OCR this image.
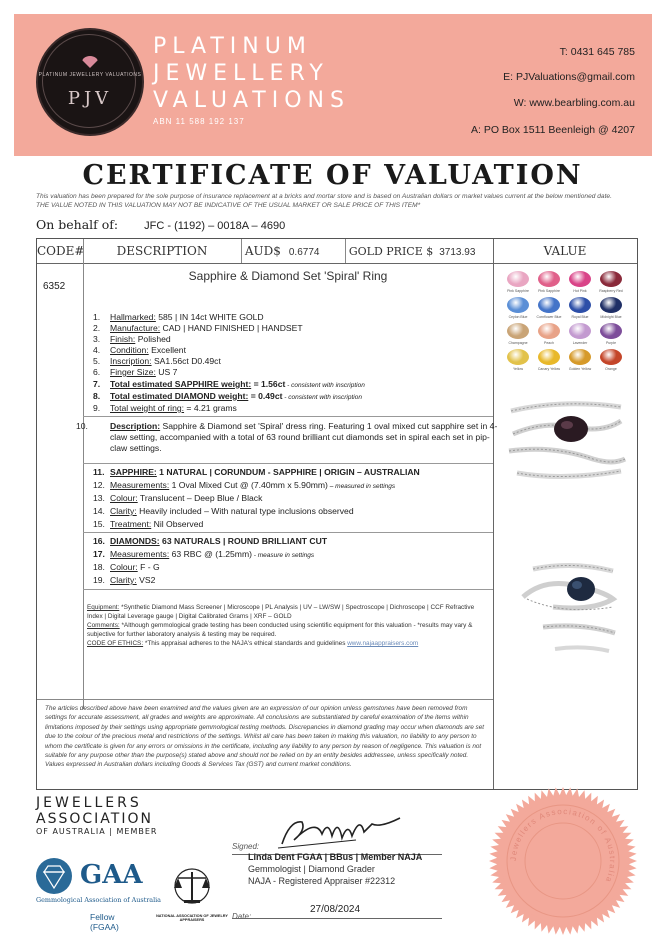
PLATINUM JEWELLERY VALUATIONS
PJV
PLATINUM
JEWELLERY
VALUATIONS
ABN 11 588 192 137
T: 0431 645 785
E: PJValuations@gmail.com
W: www.bearbling.com.au
A: PO Box 1511 Beenleigh @ 4207
CERTIFICATE OF VALUATION
This valuation has been prepared for the sole purpose of insurance replacement at a bricks and mortar store and is based on Australian dollars or market values current at the below mentioned date.
THE VALUE NOTED IN THIS VALUATION MAY NOT BE INDICATIVE OF THE USUAL MARKET OR SALE PRICE OF THIS ITEM*
On behalf of: JFC - (1192) – 0018A – 4690
CODE#	DESCRIPTION	AUD$ 0.6774	GOLD PRICE $ 3713.93	VALUE
6352
Sapphire & Diamond Set 'Spiral' Ring
1. Hallmarked: 585 | IN 14ct WHITE GOLD
2. Manufacture: CAD | HAND FINISHED | HANDSET
3. Finish: Polished
4. Condition: Excellent
5. Inscription: SA1.56ct D0.49ct
6. Finger Size: US 7
7. Total estimated SAPPHIRE weight: = 1.56ct - consistent with inscription
8. Total estimated DIAMOND weight: = 0.49ct - consistent with inscription
9. Total weight of ring: = 4.21 grams
10.	Description: Sapphire & Diamond set 'Spiral' dress ring. Featuring 1 oval mixed cut sapphire set in 4-claw setting, accompanied with a total of 63 round brilliant cut diamonds set in spiral each set in pip-claw settings.
11. SAPPHIRE: 1 NATURAL | CORUNDUM - SAPPHIRE | ORIGIN – AUSTRALIAN
12. Measurements: 1 Oval Mixed Cut @ (7.40mm x 5.90mm) – measured in settings
13. Colour: Translucent – Deep Blue / Black
14. Clarity: Heavily included – With natural type inclusions observed
15. Treatment: Nil Observed
16. DIAMONDS: 63 NATURALS | ROUND BRILLIANT CUT
17. Measurements: 63 RBC @ (1.25mm) - measure in settings
18. Colour: F - G
19. Clarity: VS2
Equipment: *Synthetic Diamond Mass Screener | Microscope | PL Analysis | UV – LW/SW | Spectroscope | Dichroscope | CCF Refractive Index | Digital Leverage gauge | Digital Calibrated Grams | XRF – GOLD
Comments: *Although gemmological grade testing has been conducted using scientific equipment for this valuation - *results may vary & subjective for further laboratory analysis & testing may be required.
CODE OF ETHICS: *This appraisal adheres to the NAJA's ethical standards and guidelines www.najaappraisers.com
The articles described above have been examined and the values given are an expression of our opinion unless gemstones have been removed from settings for accurate assessment, all grades and weights are approximate. All conclusions are substantiated by careful examination of the items within limitations imposed by their settings using appropriate gemmological testing methods. Discrepancies in diamond grading may occur when diamonds are set due to the colour of the precious metal and restrictions of the settings. Whilst all care has been taken in making this valuation, no liability to any person to whom the certificate is given for any errors or omissions in the certificate, including any liability to any person by reason of negligence. This valuation is not suitable for any purpose other than the purpose(s) stated above and should not be relied on by an entity besides addressee, unless specifically noted. Values expressed in Australian dollars including Goods & Services Tax (GST) and current market conditions.
Pink Sapphire	Pink Sapphire	Hot Pink	Raspberry Red
Ceylon Blue	Cornflower Blue	Royal Blue	Midnight Blue
Champagne	Peach	Lavender	Purple
Yellow	Canary Yellow	Golden Yellow	Orange
JEWELLERS
ASSOCIATION
OF AUSTRALIA | MEMBER
GAA
Gemmological Association of Australia
Fellow (FGAA)
NATIONAL ASSOCIATION OF JEWELRY APPRAISERS
Signed:
Linda Dent FGAA | BBus | Member NAJA
Gemmologist | Diamond Grader
NAJA - Registered Appraiser #22312
27/08/2024
Date:
Jewellers Association of Australia
